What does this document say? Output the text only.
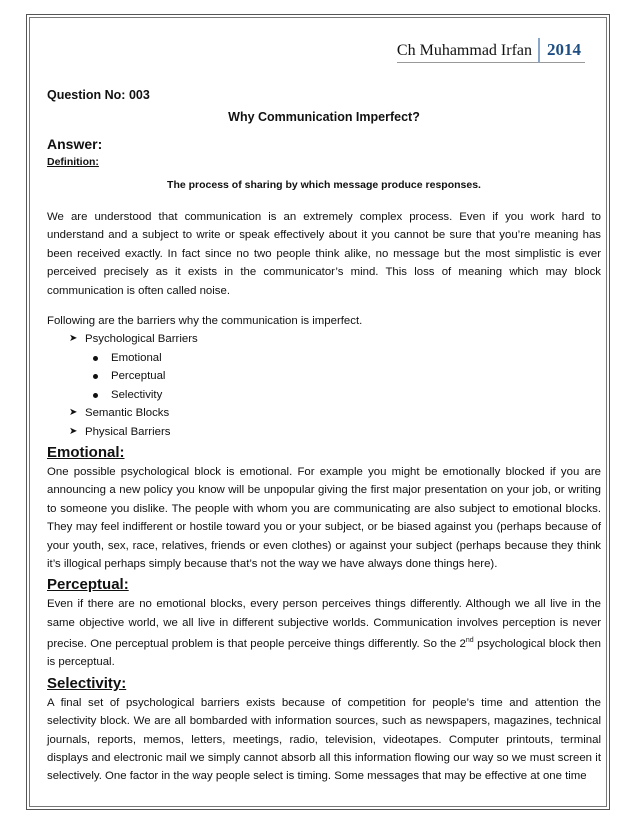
Ch Muhammad Irfan 2014

Question No: 003

Why Communication Imperfect?

Answer:

Definition:

The process of sharing by which message produce responses.

We are understood that communication is an extremely complex process. Even if you work hard to understand and a subject to write or speak effectively about it you cannot be sure that you’re meaning has been received exactly. In fact since no two people think alike, no message but the most simplistic is ever perceived precisely as it exists in the communicator’s mind. This loss of meaning which may block communication is often called noise.

Following are the barriers why the communication is imperfect.

➤ Psychological Barriers
Emotional
Perceptual
Selectivity
➤ Semantic Blocks
➤ Physical Barriers
Emotional:

One possible psychological block is emotional. For example you might be emotionally blocked if you are announcing a new policy you know will be unpopular giving the first major presentation on your job, or writing to someone you dislike. The people with whom you are communicating are also subject to emotional blocks. They may feel indifferent or hostile toward you or your subject, or be biased against you (perhaps because of your youth, sex, race, relatives, friends or even clothes) or against your subject (perhaps because they think it’s illogical perhaps simply because that’s not the way we have always done things here).

Perceptual:

Even if there are no emotional blocks, every person perceives things differently. Although we all live in the same objective world, we all live in different subjective worlds. Communication involves perception is never precise. One perceptual problem is that people perceive things differently. So the 2nd psychological block then is perceptual.

Selectivity:

A final set of psychological barriers exists because of competition for people’s time and attention the selectivity block. We are all bombarded with information sources, such as newspapers, magazines, technical journals, reports, memos, letters, meetings, radio, television, videotapes. Computer printouts, terminal displays and electronic mail we simply cannot absorb all this information flowing our way so we must screen it selectively. One factor in the way people select is timing. Some messages that may be effective at one time
